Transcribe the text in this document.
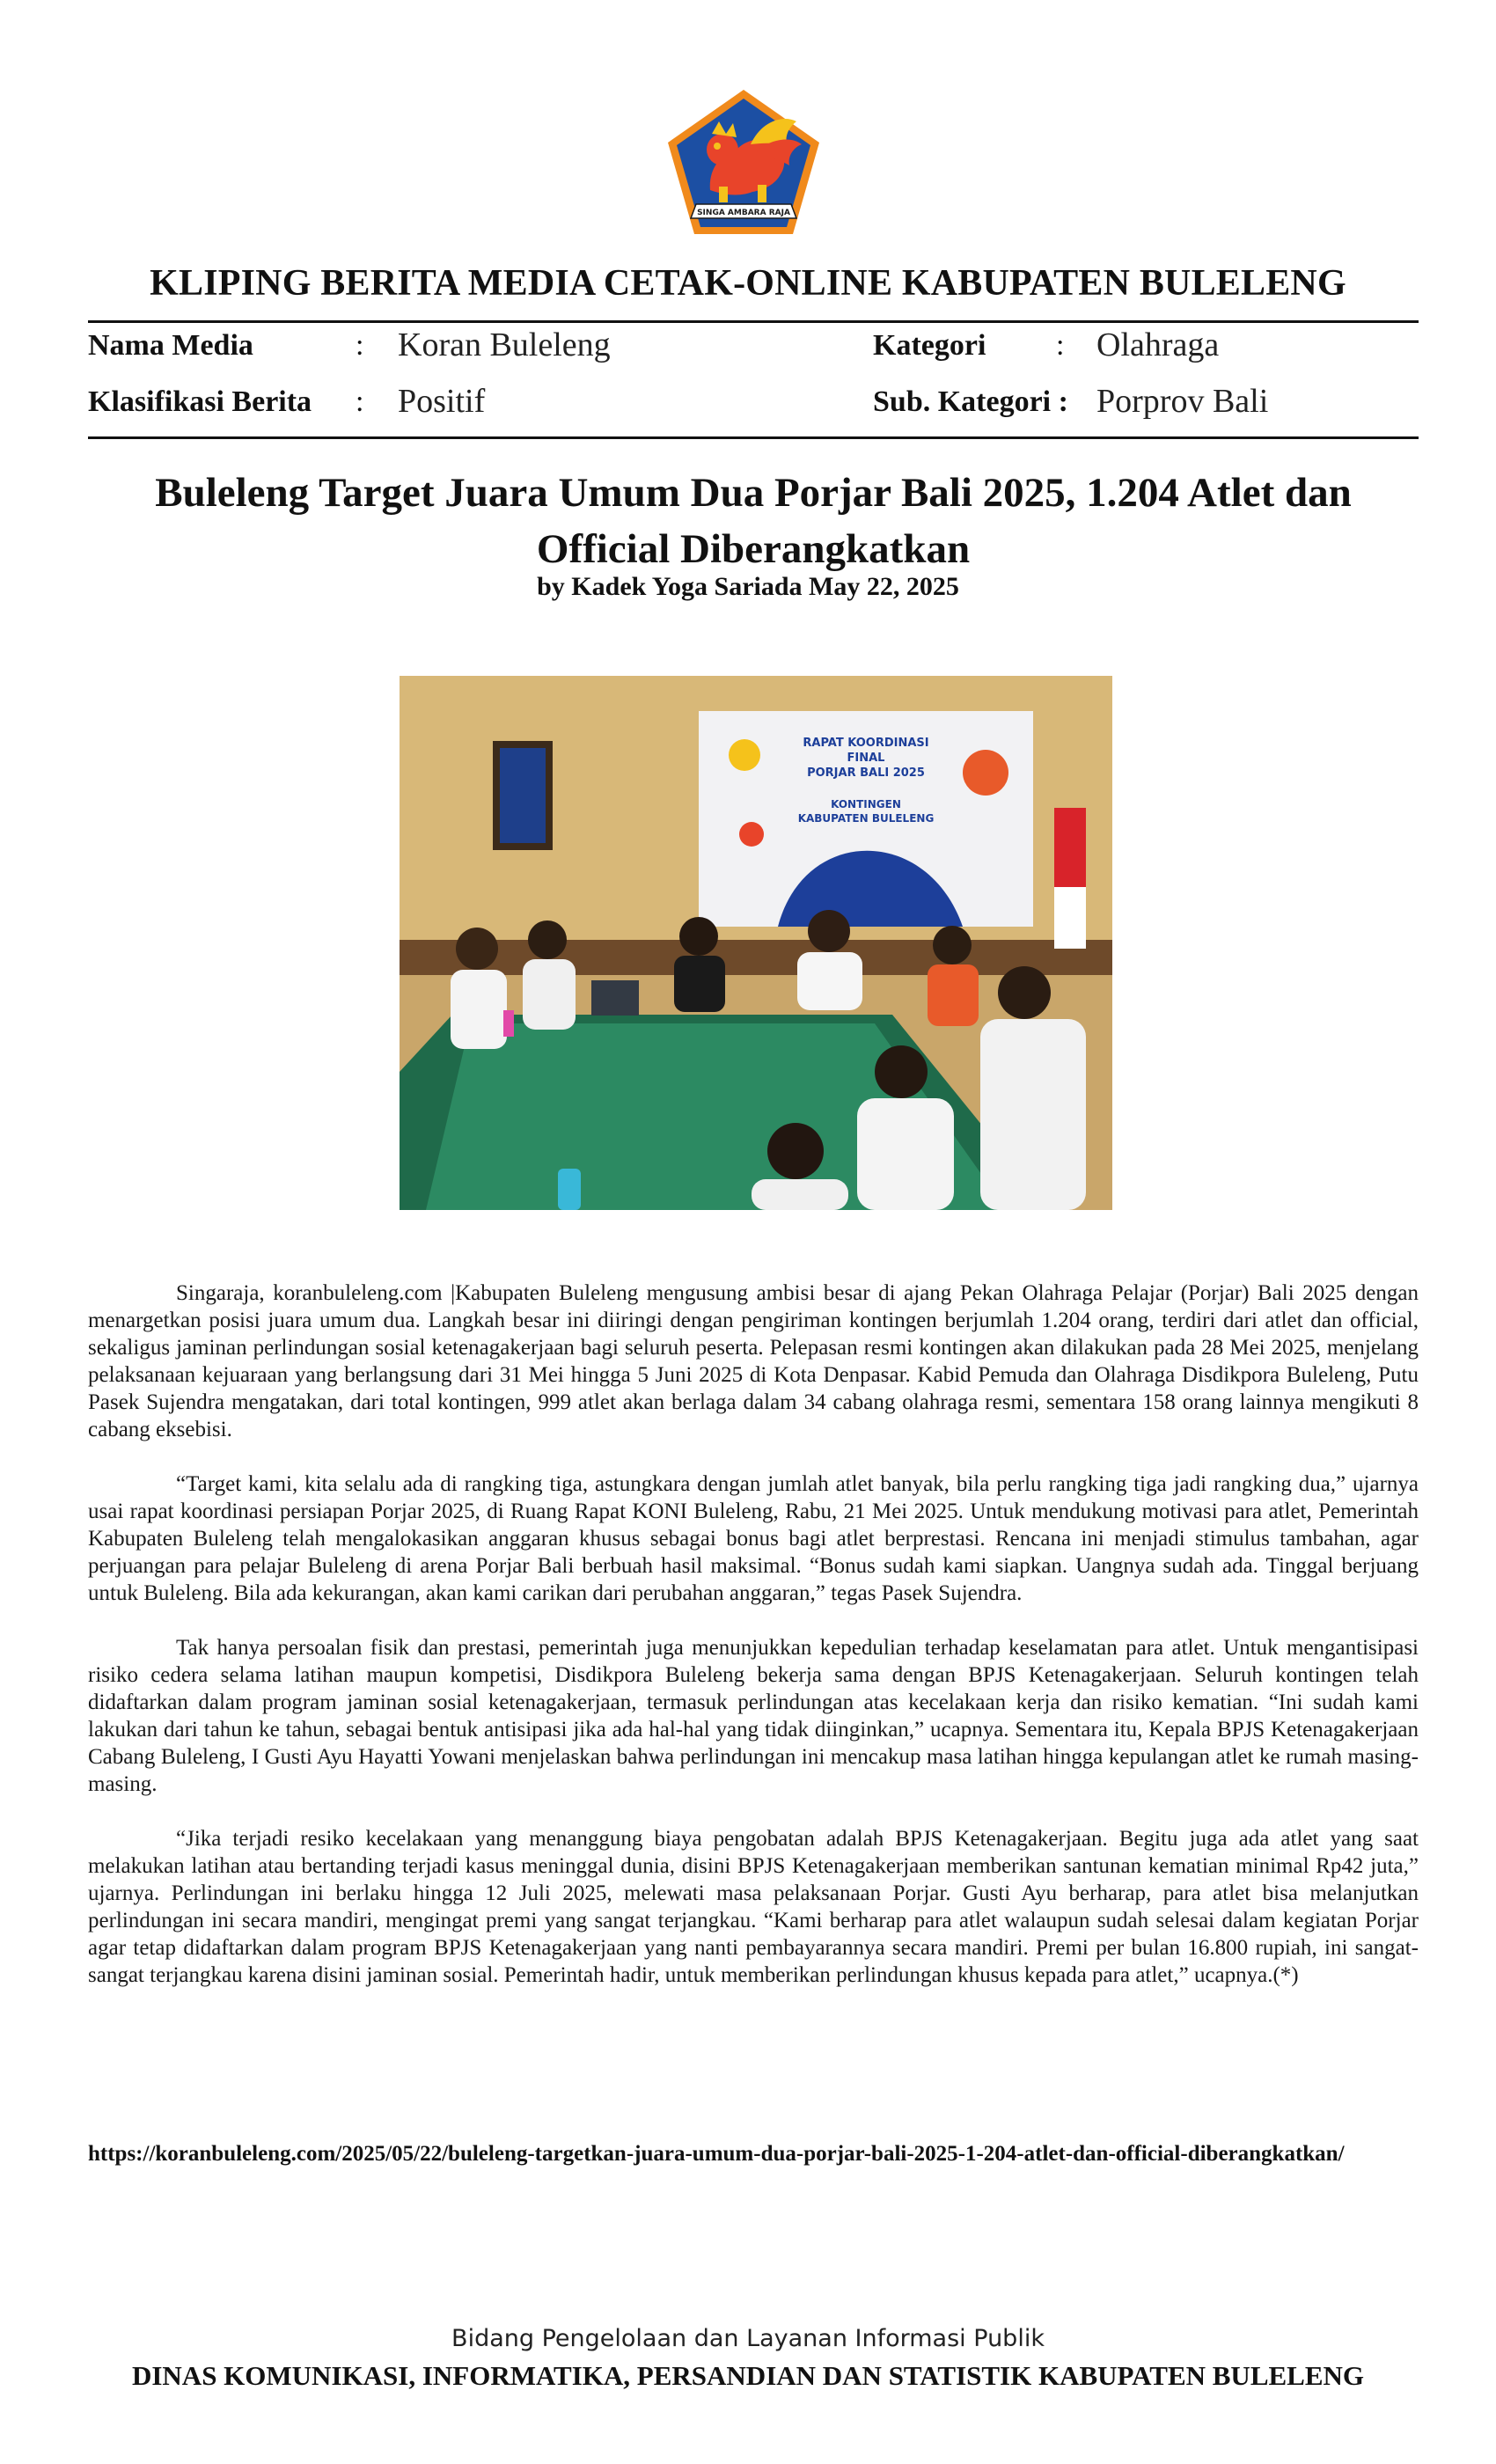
SINGA AMBARA RAJA
KLIPING BERITA MEDIA CETAK-ONLINE KABUPATEN BULELENG
Nama Media	: Koran Buleleng	Kategori : Olahraga
Klasifikasi Berita : Positif	Sub. Kategori : Porprov Bali
Buleleng Target Juara Umum Dua Porjar Bali 2025, 1.204 Atlet dan Official Diberangkatkan
by Kadek Yoga Sariada May 22, 2025
RAPAT KOORDINASI
FINAL
PORJAR BALI 2025
KONTINGEN
KABUPATEN BULELENG

Singaraja, koranbuleleng.com |Kabupaten Buleleng mengusung ambisi besar di ajang Pekan Olahraga Pelajar (Porjar) Bali 2025 dengan menargetkan posisi juara umum dua. Langkah besar ini diiringi dengan pengiriman kontingen berjumlah 1.204 orang, terdiri dari atlet dan official, sekaligus jaminan perlindungan sosial ketenagakerjaan bagi seluruh peserta. Pelepasan resmi kontingen akan dilakukan pada 28 Mei 2025, menjelang pelaksanaan kejuaraan yang berlangsung dari 31 Mei hingga 5 Juni 2025 di Kota Denpasar. Kabid Pemuda dan Olahraga Disdikpora Buleleng, Putu Pasek Sujendra mengatakan, dari total kontingen, 999 atlet akan berlaga dalam 34 cabang olahraga resmi, sementara 158 orang lainnya mengikuti 8 cabang eksebisi.

“Target kami, kita selalu ada di rangking tiga, astungkara dengan jumlah atlet banyak, bila perlu rangking tiga jadi rangking dua,” ujarnya usai rapat koordinasi persiapan Porjar 2025, di Ruang Rapat KONI Buleleng, Rabu, 21 Mei 2025. Untuk mendukung motivasi para atlet, Pemerintah Kabupaten Buleleng telah mengalokasikan anggaran khusus sebagai bonus bagi atlet berprestasi. Rencana ini menjadi stimulus tambahan, agar perjuangan para pelajar Buleleng di arena Porjar Bali berbuah hasil maksimal. “Bonus sudah kami siapkan. Uangnya sudah ada. Tinggal berjuang untuk Buleleng. Bila ada kekurangan, akan kami carikan dari perubahan anggaran,” tegas Pasek Sujendra.

Tak hanya persoalan fisik dan prestasi, pemerintah juga menunjukkan kepedulian terhadap keselamatan para atlet. Untuk mengantisipasi risiko cedera selama latihan maupun kompetisi, Disdikpora Buleleng bekerja sama dengan BPJS Ketenagakerjaan. Seluruh kontingen telah didaftarkan dalam program jaminan sosial ketenagakerjaan, termasuk perlindungan atas kecelakaan kerja dan risiko kematian. “Ini sudah kami lakukan dari tahun ke tahun, sebagai bentuk antisipasi jika ada hal-hal yang tidak diinginkan,” ucapnya. Sementara itu, Kepala BPJS Ketenagakerjaan Cabang Buleleng, I Gusti Ayu Hayatti Yowani menjelaskan bahwa perlindungan ini mencakup masa latihan hingga kepulangan atlet ke rumah masing-masing.

“Jika terjadi resiko kecelakaan yang menanggung biaya pengobatan adalah BPJS Ketenagakerjaan. Begitu juga ada atlet yang saat melakukan latihan atau bertanding terjadi kasus meninggal dunia, disini BPJS Ketenagakerjaan memberikan santunan kematian minimal Rp42 juta,” ujarnya. Perlindungan ini berlaku hingga 12 Juli 2025, melewati masa pelaksanaan Porjar. Gusti Ayu berharap, para atlet bisa melanjutkan perlindungan ini secara mandiri, mengingat premi yang sangat terjangkau. “Kami berharap para atlet walaupun sudah selesai dalam kegiatan Porjar agar tetap didaftarkan dalam program BPJS Ketenagakerjaan yang nanti pembayarannya secara mandiri. Premi per bulan 16.800 rupiah, ini sangat-sangat terjangkau karena disini jaminan sosial. Pemerintah hadir, untuk memberikan perlindungan khusus kepada para atlet,” ucapnya.(*)

https://koranbuleleng.com/2025/05/22/buleleng-targetkan-juara-umum-dua-porjar-bali-2025-1-204-atlet-dan-official-diberangkatkan/
Bidang Pengelolaan dan Layanan Informasi Publik
DINAS KOMUNIKASI, INFORMATIKA, PERSANDIAN DAN STATISTIK KABUPATEN BULELENG
